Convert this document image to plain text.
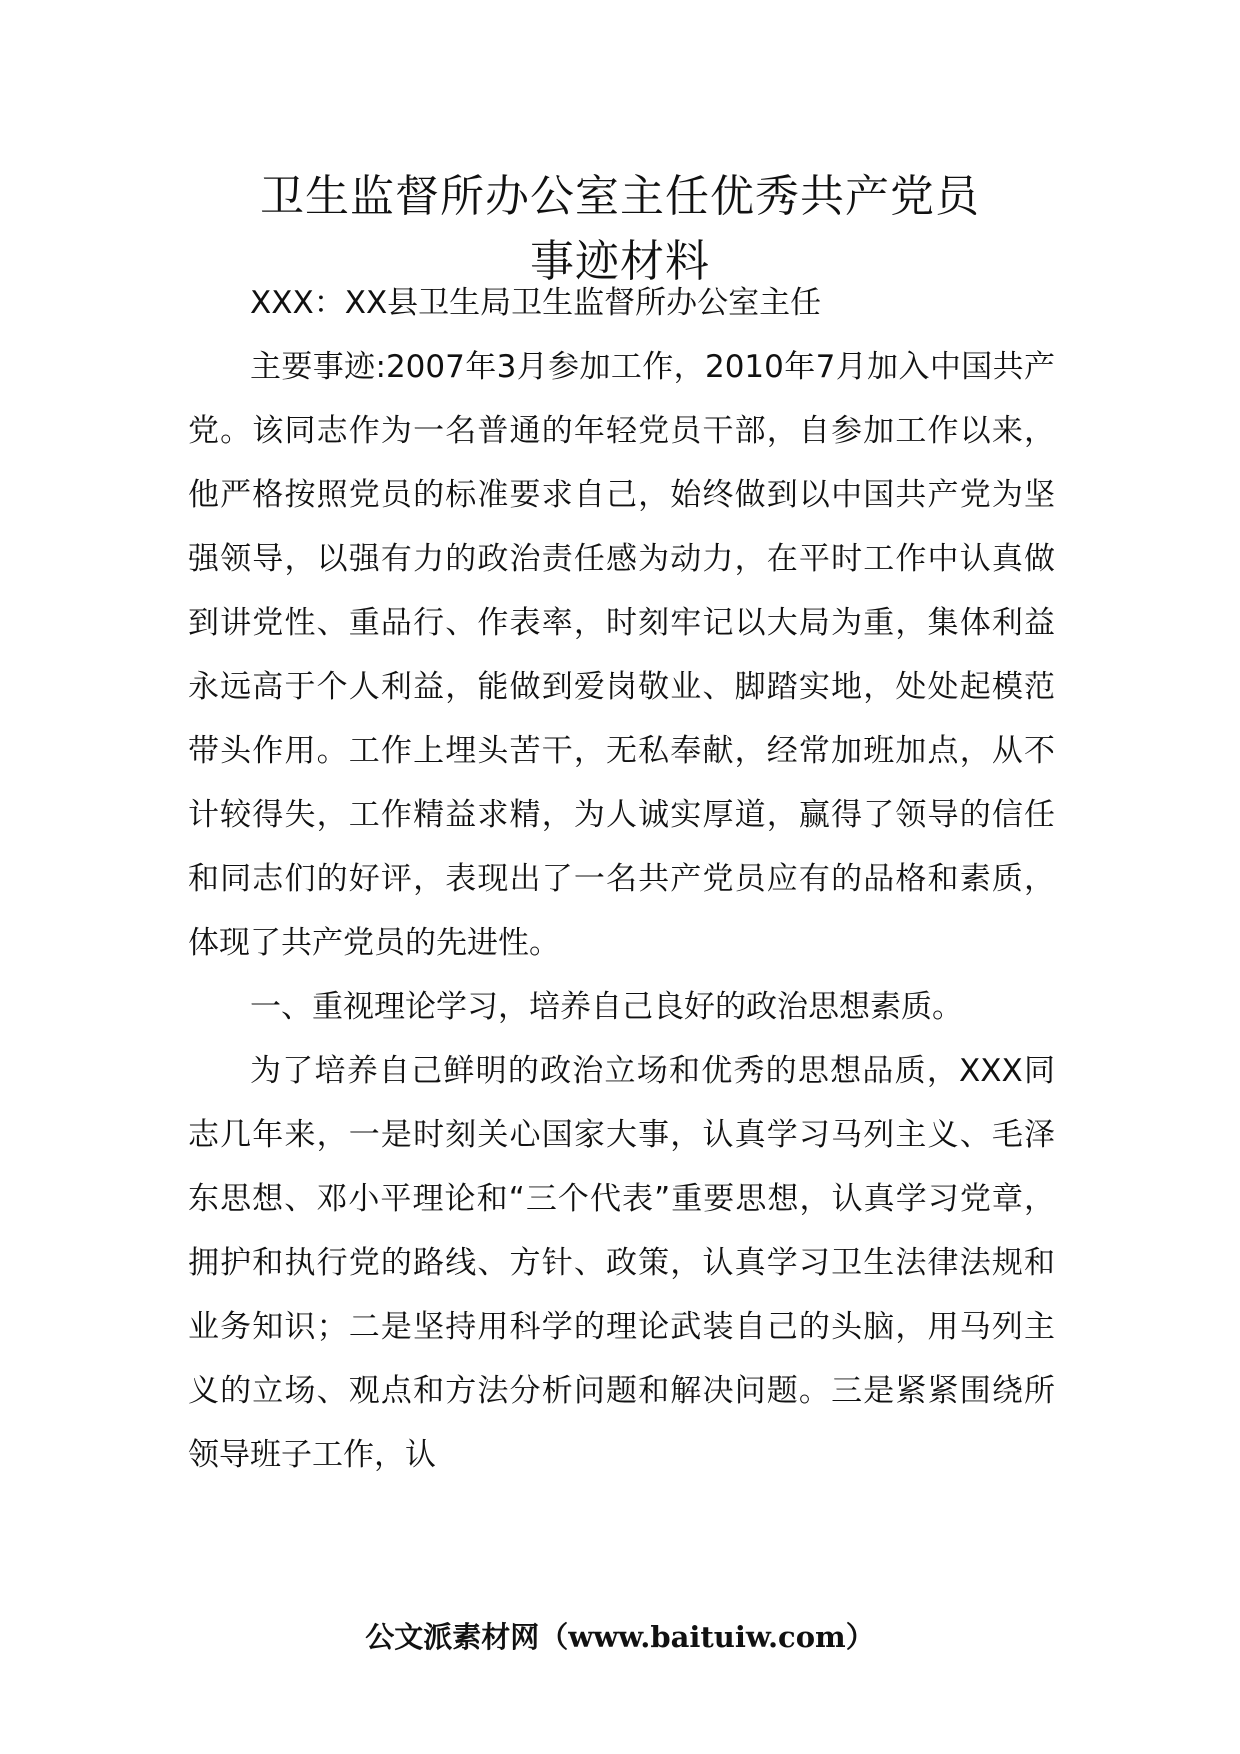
卫生监督所办公室主任优秀共产党员
事迹材料

XXX：XX县卫生局卫生监督所办公室主任

主要事迹:2007年3月参加工作，2010年7月加入中国共产党。该同志作为一名普通的年轻党员干部，自参加工作以来，他严格按照党员的标准要求自己，始终做到以中国共产党为坚强领导，以强有力的政治责任感为动力，在平时工作中认真做到讲党性、重品行、作表率，时刻牢记以大局为重，集体利益永远高于个人利益，能做到爱岗敬业、脚踏实地，处处起模范带头作用。工作上埋头苦干，无私奉献，经常加班加点，从不计较得失，工作精益求精，为人诚实厚道，赢得了领导的信任和同志们的好评，表现出了一名共产党员应有的品格和素质，体现了共产党员的先进性。

一、重视理论学习，培养自己良好的政治思想素质。

为了培养自己鲜明的政治立场和优秀的思想品质，XXX同志几年来，一是时刻关心国家大事，认真学习马列主义、毛泽东思想、邓小平理论和“三个代表”重要思想，认真学习党章，拥护和执行党的路线、方针、政策，认真学习卫生法律法规和业务知识；二是坚持用科学的理论武装自己的头脑，用马列主义的立场、观点和方法分析问题和解决问题。三是紧紧围绕所领导班子工作，认

公文派素材网（www.baituiw.com）
